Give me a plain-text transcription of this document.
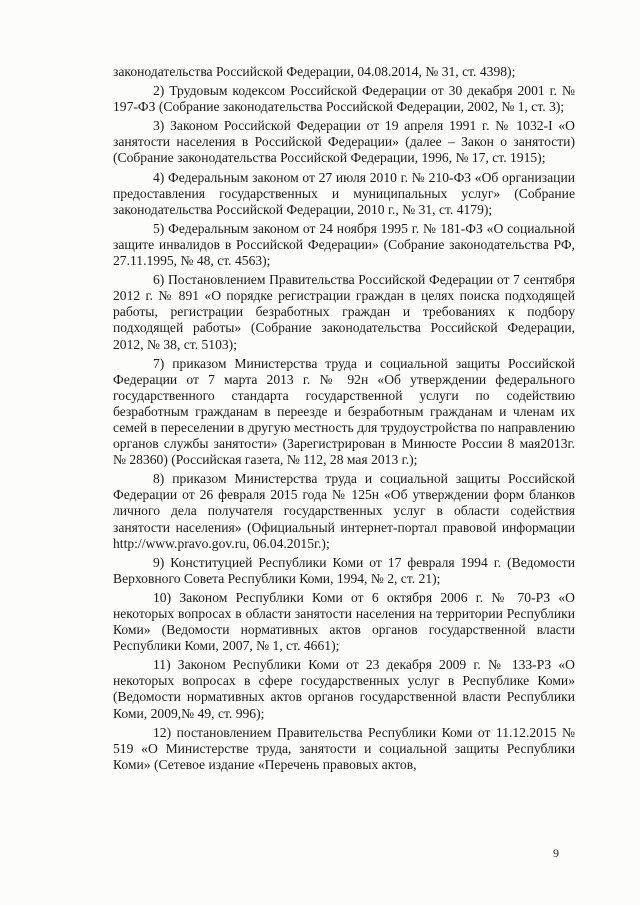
законодательства Российской Федерации, 04.08.2014, № 31, ст. 4398);

2) Трудовым кодексом Российской Федерации от 30 декабря 2001 г. № 197-ФЗ (Собрание законодательства Российской Федерации, 2002, № 1, ст. 3);

3) Законом Российской Федерации от 19 апреля 1991 г. № 1032-I «О занятости населения в Российской Федерации» (далее – Закон о занятости) (Собрание законодательства Российской Федерации, 1996, № 17, ст. 1915);

4) Федеральным законом от 27 июля 2010 г. № 210-ФЗ «Об организации предоставления государственных и муниципальных услуг» (Собрание законодательства Российской Федерации, 2010 г., № 31, ст. 4179);

5) Федеральным законом от 24 ноября 1995 г. № 181-ФЗ «О социальной защите инвалидов в Российской Федерации» (Собрание законодательства РФ, 27.11.1995, № 48, ст. 4563);

6) Постановлением Правительства Российской Федерации от 7 сентября 2012 г. № 891 «О порядке регистрации граждан в целях поиска подходящей работы, регистрации безработных граждан и требованиях к подбору подходящей работы» (Собрание законодательства Российской Федерации, 2012, № 38, ст. 5103);

7) приказом Министерства труда и социальной защиты Российской Федерации от 7 марта 2013 г. № 92н «Об утверждении федерального государственного стандарта государственной услуги по содействию безработным гражданам в переезде и безработным гражданам и членам их семей в переселении в другую местность для трудоустройства по направлению органов службы занятости» (Зарегистрирован в Минюсте России 8 мая2013г. № 28360) (Российская газета, № 112, 28 мая 2013 г.);

8) приказом Министерства труда и социальной защиты Российской Федерации от 26 февраля 2015 года № 125н «Об утверждении форм бланков личного дела получателя государственных услуг в области содействия занятости населения» (Официальный интернет-портал правовой информации http://www.pravo.gov.ru, 06.04.2015г.);

9) Конституцией Республики Коми от 17 февраля 1994 г. (Ведомости Верховного Совета Республики Коми, 1994, № 2, ст. 21);

10) Законом Республики Коми от 6 октября 2006 г. № 70-РЗ «О некоторых вопросах в области занятости населения на территории Республики Коми» (Ведомости нормативных актов органов государственной власти Республики Коми, 2007, № 1, ст. 4661);

11) Законом Республики Коми от 23 декабря 2009 г. № 133-РЗ «О некоторых вопросах в сфере государственных услуг в Республике Коми» (Ведомости нормативных актов органов государственной власти Республики Коми, 2009,№ 49, ст. 996);

12) постановлением Правительства Республики Коми от 11.12.2015 № 519 «О Министерстве труда, занятости и социальной защиты Республики Коми» (Сетевое издание «Перечень правовых актов,

9
